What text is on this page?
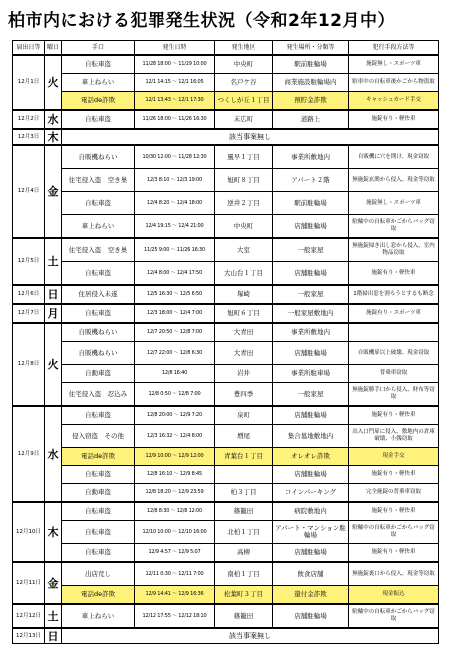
柏市内における犯罪発生状況（令和2年12月中）
届出日等	曜日	手口	発生日時	発生地区	発生場所・分類等	犯行手段方法等
12月1日	火	自転車盗	11/28 18:00 ～ 11/29 10:00	中央町	駅前駐輪場	施錠無し・スポーツ車
		車上ねらい	12/1 14:15 ～ 12/1 16:05	名戸ケ谷	商業施設駐輪場内	駐車中の自転車後かごから物盗取
		電話de詐欺	12/1 13:43 ～ 12/1 17:30	つくしが丘１丁目	預貯金詐欺	キャッシュカード手交
12月2日	水	自転車盗	11/26 18:00 ～ 11/26 16:30	末広町	道路上	施錠有り・軽快車
12月3日	木	該当事案無し				
12月4日	金	自販機ねらい	10/30 12:00 ～ 11/28 12:30	風早１丁目	事業所敷地内	自販機に穴を開け、現金窃取
		住宅侵入盗　空き巣	12/3 8:10 ～ 12/3 19:00	旭町８丁目	アパート２階	無施錠玄関から侵入、現金等窃取
		自転車盗	12/4 8:20 ～ 12/4 18:00	逆井２丁目	駅前駐輪場	施錠無し・スポーツ車
		車上ねらい	12/4 19:15 ～ 12/4 21:00	中央町	店舗駐輪場	駐輪中の自転車かごからバッグ窃取
12月5日	土	住宅侵入盗　空き巣	11/25 9:00 ～ 11/26 16:30	大室	一般家屋	無施錠掃き出し窓から侵入、室内物品窃取
		自転車盗	12/4 8:00 ～ 12/4 17:50	大山台１丁目	店舗駐輪場	施錠有り・軽快車
12月6日	日	住居侵入未遂	12/5 16:30 ～ 12/5 6:50	塚崎	一般家屋	1階掃出窓を割ろうとするも断念
12月7日	月	自転車盗	12/3 18:00 ～ 12/4 7:00	旭町６丁目	一般家屋敷地内	施錠有り・スポーツ車
12月8日	火	自販機ねらい	12/7 20:50 ～ 12/8 7:00	大青田	事業所敷地内	
		自販機ねらい	12/7 22:00 ～ 12/8 6:30	大青田	店舗駐輪場	自販機扉以上破壊、現金窃取
		自動車盗	12/8 16:40	岩井	事業所駐車場	普乗車窃取
		住宅侵入盗　忍込み	12/8 0:50 ～ 12/8 7:00	豊四季	一般家屋	無施錠勝手口から侵入、財布等窃取
12月9日	水	自転車盗	12/8 20:00 ～ 12/9 7:20	泉町	店舗駐輪場	施錠有り・軽快車
		侵入窃盗　その他	12/3 16:32 ～ 12/4 8:00	増尾	集合墓地敷地内	出入口門扉に侵入、敷地内の倉庫破壊、小銭窃取
		電話de詐欺	12/9 10:00 ～ 12/9 12:00	青葉台１丁目	オレオレ詐欺	現金手交
		自転車盗	12/8 16:10 ～ 12/9 8:45		店舗駐輪場	施錠有り・軽快車
		自動車盗	12/8 18:20 ～ 12/9 23:59	柏３丁目	コインパーキング	完全施錠の普乗車窃取
12月10日	木	自転車盗	12/8 8:30 ～ 12/8 12:00	篠籠田	病院敷地内	施錠有り・軽快車
		自転車盗	12/10 10:00 ～ 12/10 16:00	北柏１丁目	アパート・マンション駐輪場	駐輪中の自転車かごからバッグ窃取
		自転車盗	12/9 4:57 ～ 12/9 5:07	高柳	店舗駐輪場	施錠有り・軽快車
12月11日	金	出店荒し	12/11 0:30 ～ 12/11 7:00	南柏１丁目	飲食店舗	無施錠裏口から侵入、現金等窃取
		電話de詐欺	12/9 14:41 ～ 12/9 16:36	松葉町３丁目	還付金詐欺	現金振込
12月12日	土	車上ねらい	12/12 17:55 ～ 12/12 18:10	篠籠田	店舗駐輪場	駐輪中の自転車かごからバッグ窃取
12月13日	日	該当事案無し				
